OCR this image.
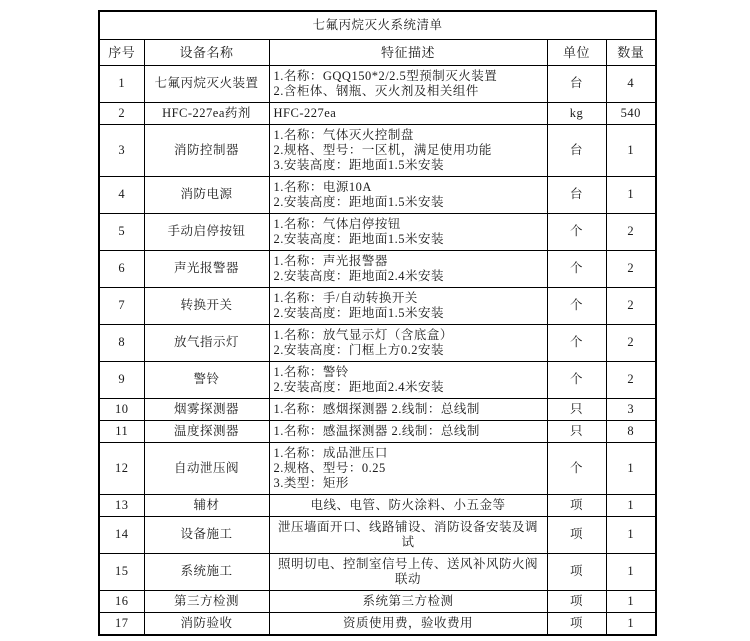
七氟丙烷灭火系统清单				
序号	设备名称	特征描述	单位	数量
1	七氟丙烷灭火装置	1.名称：GQQ150*2/2.5型预制灭火装置
2.含柜体、钢瓶、灭火剂及相关组件	台	4
2	HFC-227ea药剂	HFC-227ea	kg	540
3	消防控制器	1.名称：气体灭火控制盘
2.规格、型号：一区机，满足使用功能
3.安装高度：距地面1.5米安装	台	1
4	消防电源	1.名称：电源10A
2.安装高度：距地面1.5米安装	台	1
5	手动启停按钮	1.名称：气体启停按钮
2.安装高度：距地面1.5米安装	个	2
6	声光报警器	1.名称：声光报警器
2.安装高度：距地面2.4米安装	个	2
7	转换开关	1.名称：手/自动转换开关
2.安装高度：距地面1.5米安装	个	2
8	放气指示灯	1.名称：放气显示灯（含底盒）
2.安装高度：门框上方0.2安装	个	2
9	警铃	1.名称：警铃
2.安装高度：距地面2.4米安装	个	2
10	烟雾探测器	1.名称：感烟探测器 2.线制：总线制	只	3
11	温度探测器	1.名称：感温探测器 2.线制：总线制	只	8
12	自动泄压阀	1.名称：成品泄压口
2.规格、型号：0.25
3.类型：矩形	个	1
13	辅材	电线、电管、防火涂料、小五金等	项	1
14	设备施工	泄压墙面开口、线路铺设、消防设备安装及调试	项	1
15	系统施工	照明切电、控制室信号上传、送风补风防火阀联动	项	1
16	第三方检测	系统第三方检测	项	1
17	消防验收	资质使用费，验收费用	项	1
